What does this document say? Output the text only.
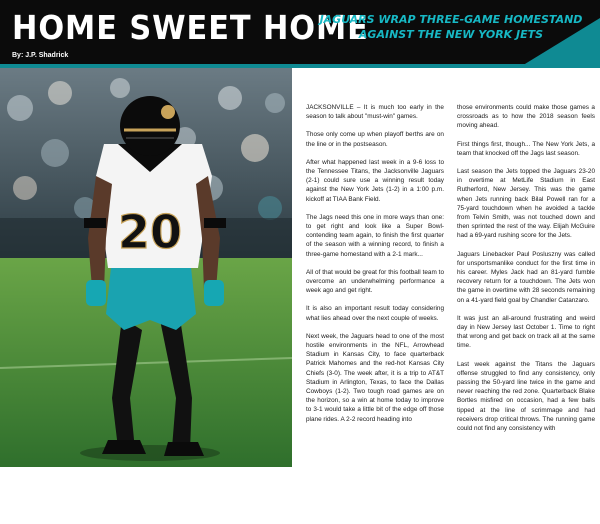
HOME SWEET HOME
By: J.P. Shadrick
JAGUARS WRAP THREE-GAME HOMESTAND
AGAINST THE NEW YORK JETS
20
AP IMAGES

JACKSONVILLE – It is much too early in the season to talk about "must-win" games.

Those only come up when playoff berths are on the line or in the postseason.

After what happened last week in a 9-6 loss to the Tennessee Titans, the Jacksonville Jaguars (2-1) could sure use a winning result today against the New York Jets (1-2) in a 1:00 p.m. kickoff at TIAA Bank Field.

The Jags need this one in more ways than one: to get right and look like a Super Bowl-contending team again, to finish the first quarter of the season with a winning record, to finish a three-game homestand with a 2-1 mark...

All of that would be great for this football team to overcome an underwhelming performance a week ago and get right.

It is also an important result today considering what lies ahead over the next couple of weeks.

Next week, the Jaguars head to one of the most hostile environments in the NFL, Arrowhead Stadium in Kansas City, to face quarterback Patrick Mahomes and the red-hot Kansas City Chiefs (3-0). The week after, it is a trip to AT&T Stadium in Arlington, Texas, to face the Dallas Cowboys (1-2). Two tough road games are on the horizon, so a win at home today to improve to 3-1 would take a little bit of the edge off those plane rides. A 2-2 record heading into

those environments could make those games a crossroads as to how the 2018 season feels moving ahead.

First things first, though... The New York Jets, a team that knocked off the Jags last season.

Last season the Jets topped the Jaguars 23-20 in overtime at MetLife Stadium in East Rutherford, New Jersey. This was the game when Jets running back Bilal Powell ran for a 75-yard touchdown when he avoided a tackle from Telvin Smith, was not touched down and then sprinted the rest of the way. Elijah McGuire had a 69-yard rushing score for the Jets.

Jaguars Linebacker Paul Posluszny was called for unsportsmanlike conduct for the first time in his career. Myles Jack had an 81-yard fumble recovery return for a touchdown. The Jets won the game in overtime with 28 seconds remaining on a 41-yard field goal by Chandler Catanzaro.

It was just an all-around frustrating and weird day in New Jersey last October 1. Time to right that wrong and get back on track all at the same time.

Last week against the Titans the Jaguars offense struggled to find any consistency, only passing the 50-yard line twice in the game and never reaching the red zone. Quarterback Blake Bortles misfired on occasion, had a few balls tipped at the line of scrimmage and had receivers drop critical throws. The running game could not find any consistency with
